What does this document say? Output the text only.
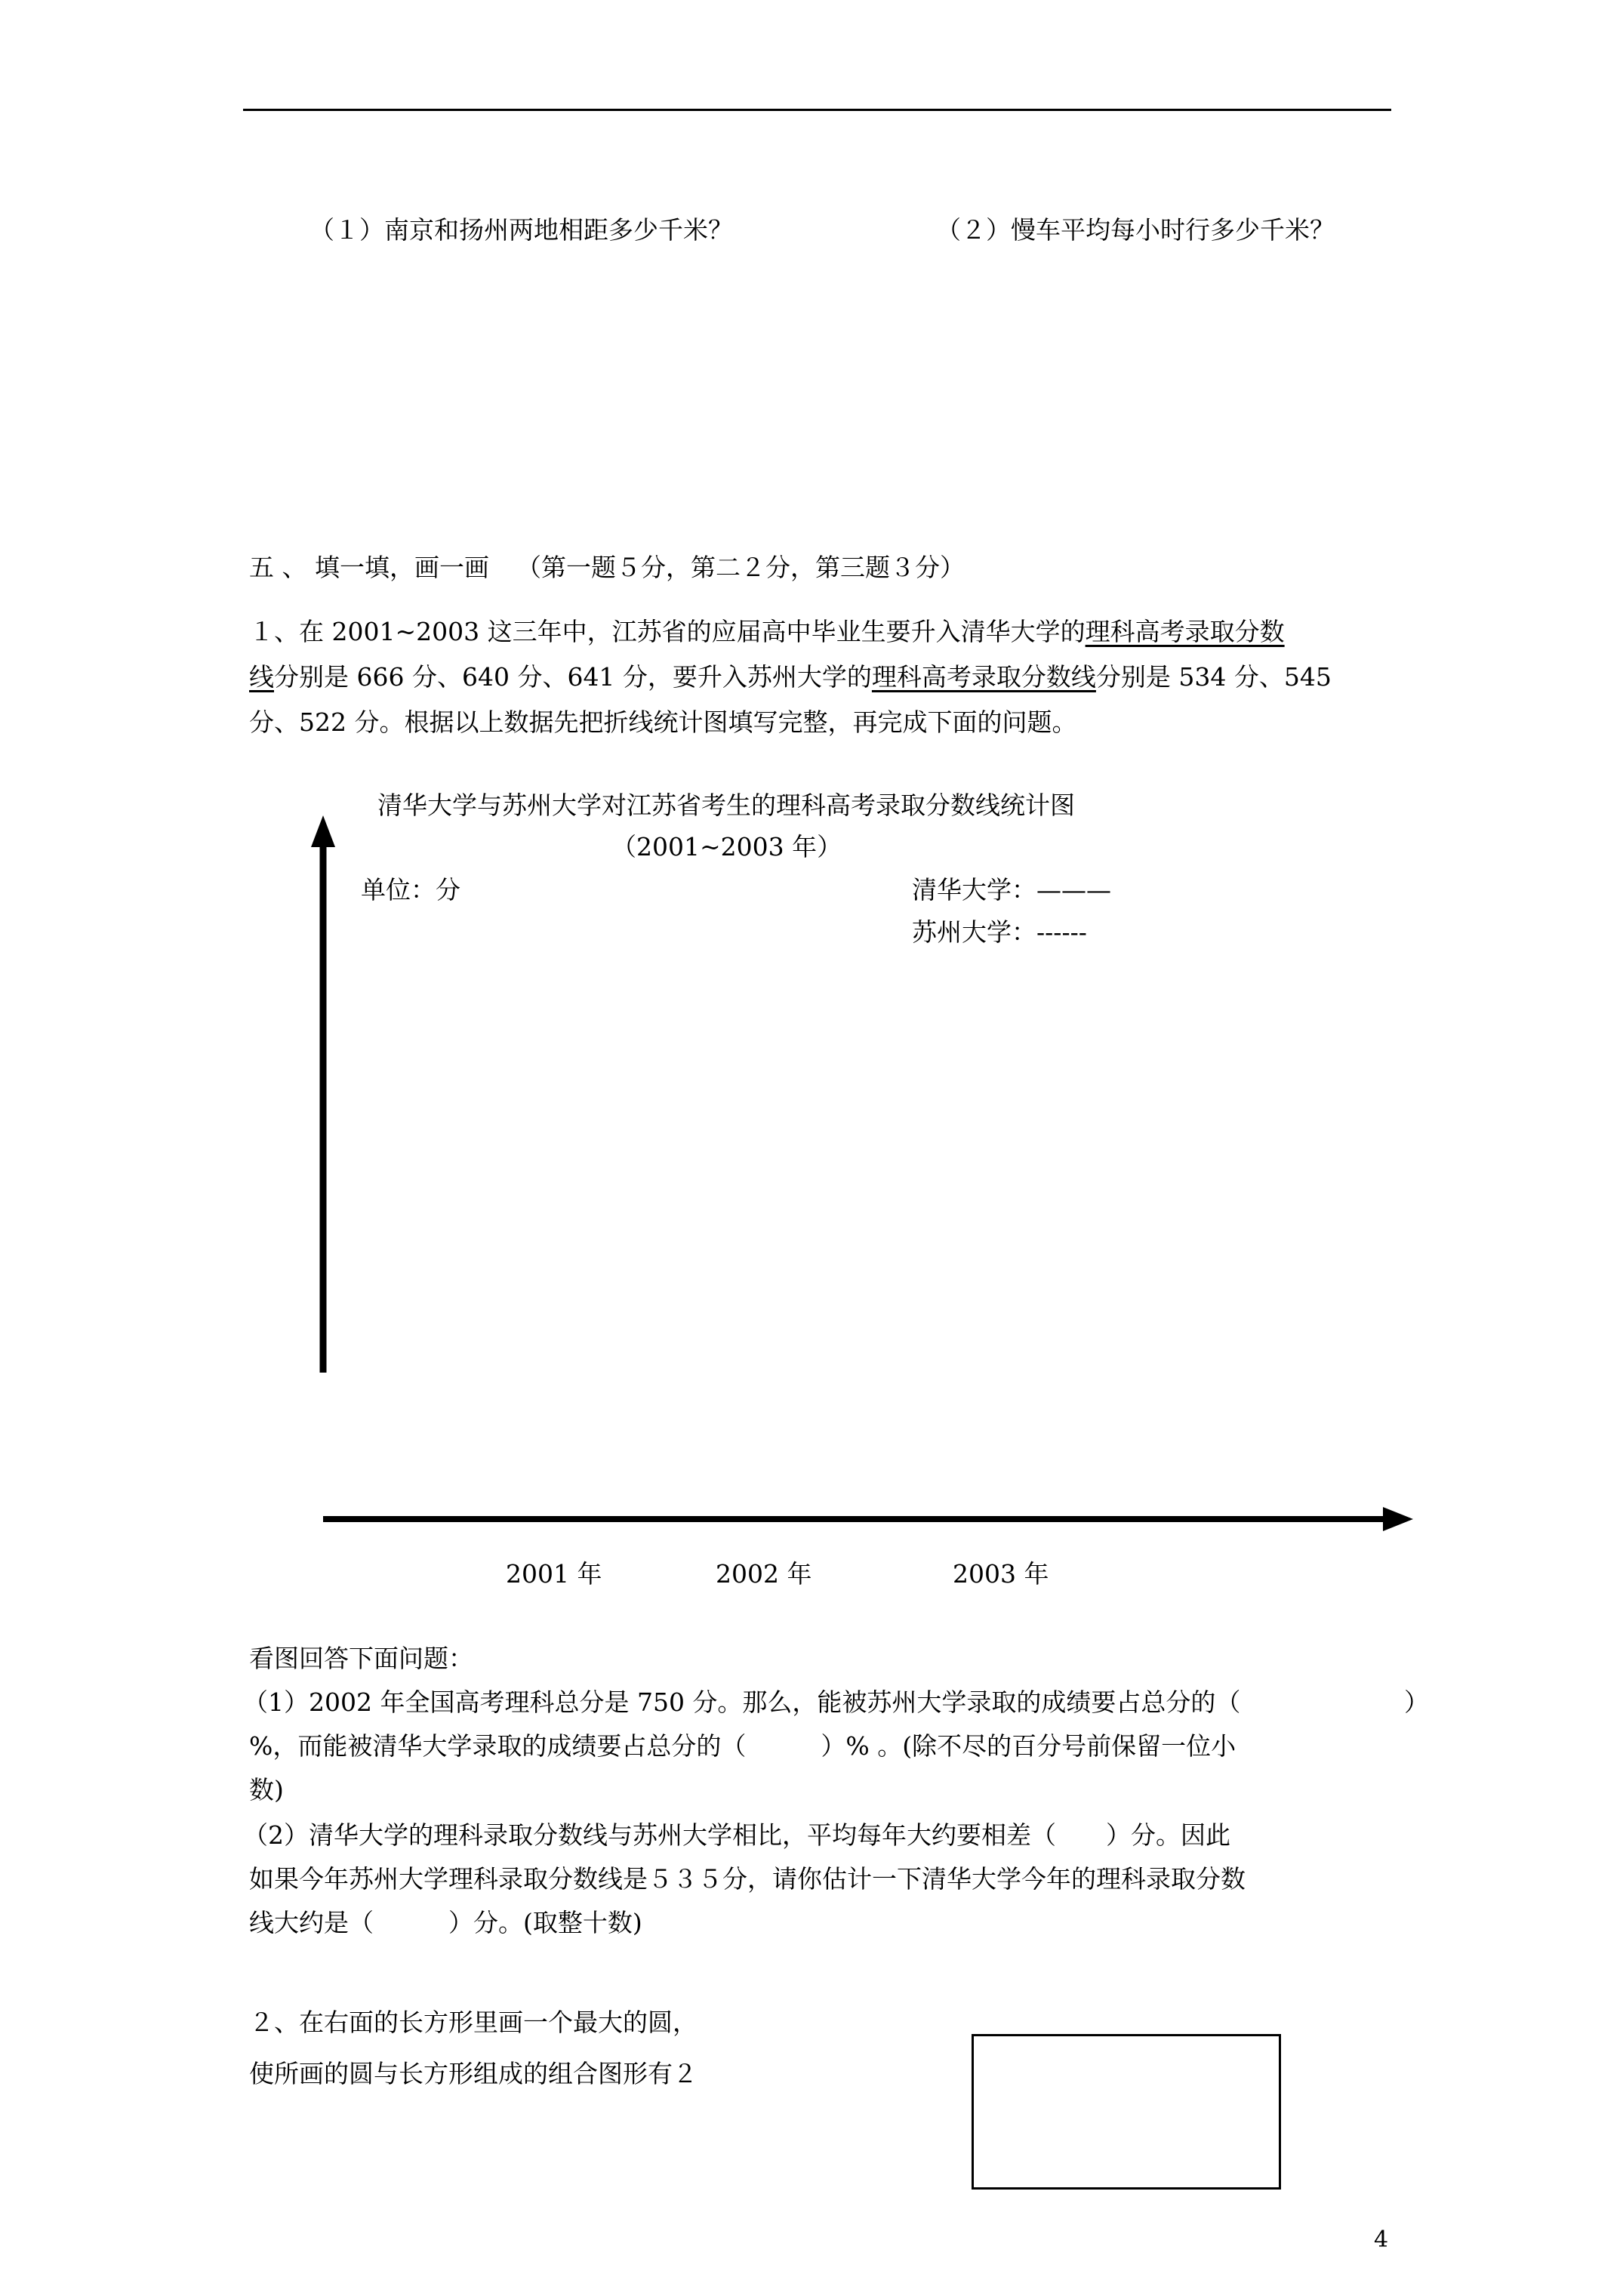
（１）南京和扬州两地相距多少千米？	（２）慢车平均每小时行多少千米？
五 、 填一填，画一画 （第一题５分，第二２分，第三题３分）
１、在 2001~2003 这三年中，江苏省的应届高中毕业生要升入清华大学的理科高考录取分数
线分别是 666 分、640 分、641 分，要升入苏州大学的理科高考录取分数线分别是 534 分、545
分、522 分。根据以上数据先把折线统计图填写完整，再完成下面的问题。
清华大学与苏州大学对江苏省考生的理科高考录取分数线统计图
（2001~2003 年）
单位：分	清华大学：———
苏州大学：------
2001 年	2002 年	2003 年
看图回答下面问题：
（1）2002 年全国高考理科总分是 750 分。那么，能被苏州大学录取的成绩要占总分的（	）
%，而能被清华大学录取的成绩要占总分的（　　　）% 。(除不尽的百分号前保留一位小
数)
（2）清华大学的理科录取分数线与苏州大学相比，平均每年大约要相差（　　）分。因此
如果今年苏州大学理科录取分数线是５３５分，请你估计一下清华大学今年的理科录取分数
线大约是（　　　）分。(取整十数)
２、在右面的长方形里画一个最大的圆，
使所画的圆与长方形组成的组合图形有２
4
